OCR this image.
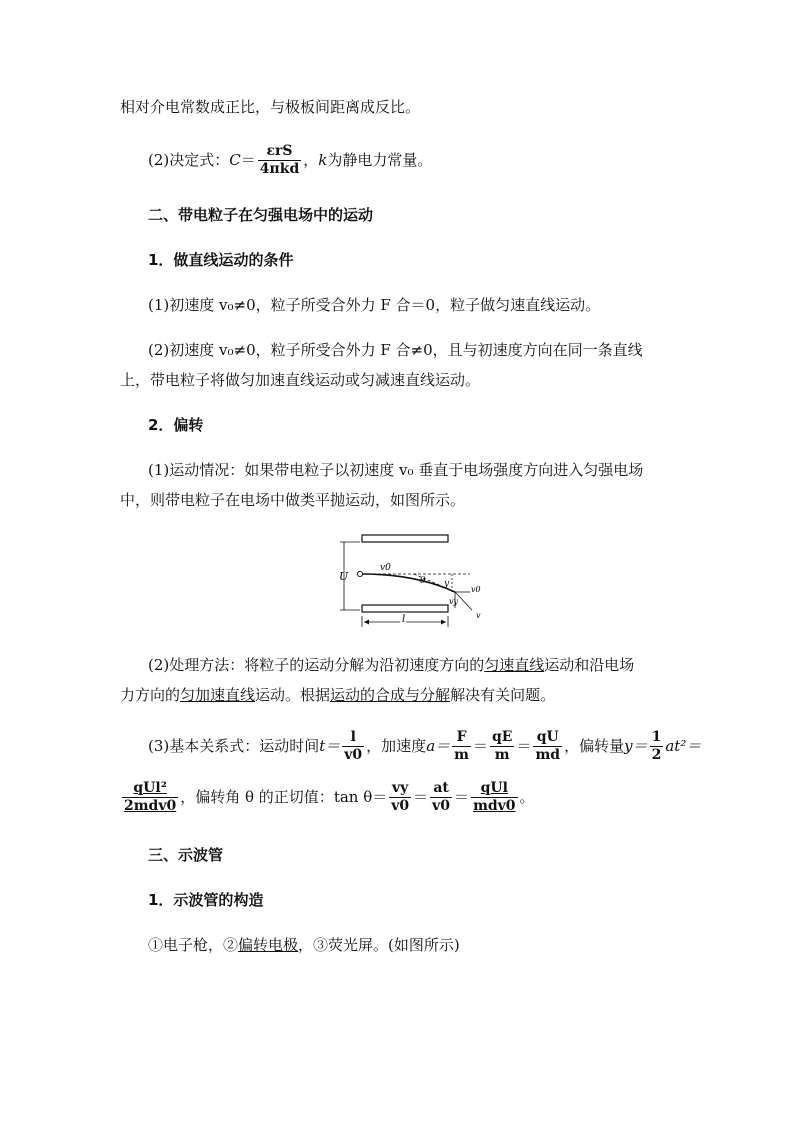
相对介电常数成正比，与极板间距离成反比。
(2)决定式： $C = \frac{\text{εrS}}{\text{4πkd}}$ ， k 为静电力常量。
二、带电粒子在匀强电场中的运动
1．做直线运动的条件
(1)初速度 v₀≠0，粒子所受合外力 F 合＝0，粒子做匀速直线运动。
(2)初速度 v₀≠0，粒子所受合外力 F 合≠0，且与初速度方向在同一条直线
上，带电粒子将做匀加速直线运动或匀减速直线运动。
2．偏转
(1)运动情况：如果带电粒子以初速度 v₀ 垂直于电场强度方向进入匀强电场
中，则带电粒子在电场中做类平抛运动，如图所示。
U
v0
θ y
vy
v0
v
l
(2)处理方法：将粒子的运动分解为沿初速度方向的匀速直线运动和沿电场
力方向的匀加速直线运动。根据运动的合成与分解解决有关问题。
(3)基本关系式：运动时间 $t= \frac{l}{v0}$ ，加速度 $a= \frac{F}{m} = \frac{qE}{m} = \frac{qU}{md}$ ，偏转量 $y= \frac{1}{2} at^2=$
$\frac{\text{qUl²}}{\text{2mdv0}}$ ，偏转角 θ 的正切值： $\tan \theta= \frac{vy}{v0} = \frac{at}{v0} = \frac{\text{qUl}}{\text{mdv0}}$ 。
三、示波管
1．示波管的构造
①电子枪，②偏转电极，③荧光屏。(如图所示)
